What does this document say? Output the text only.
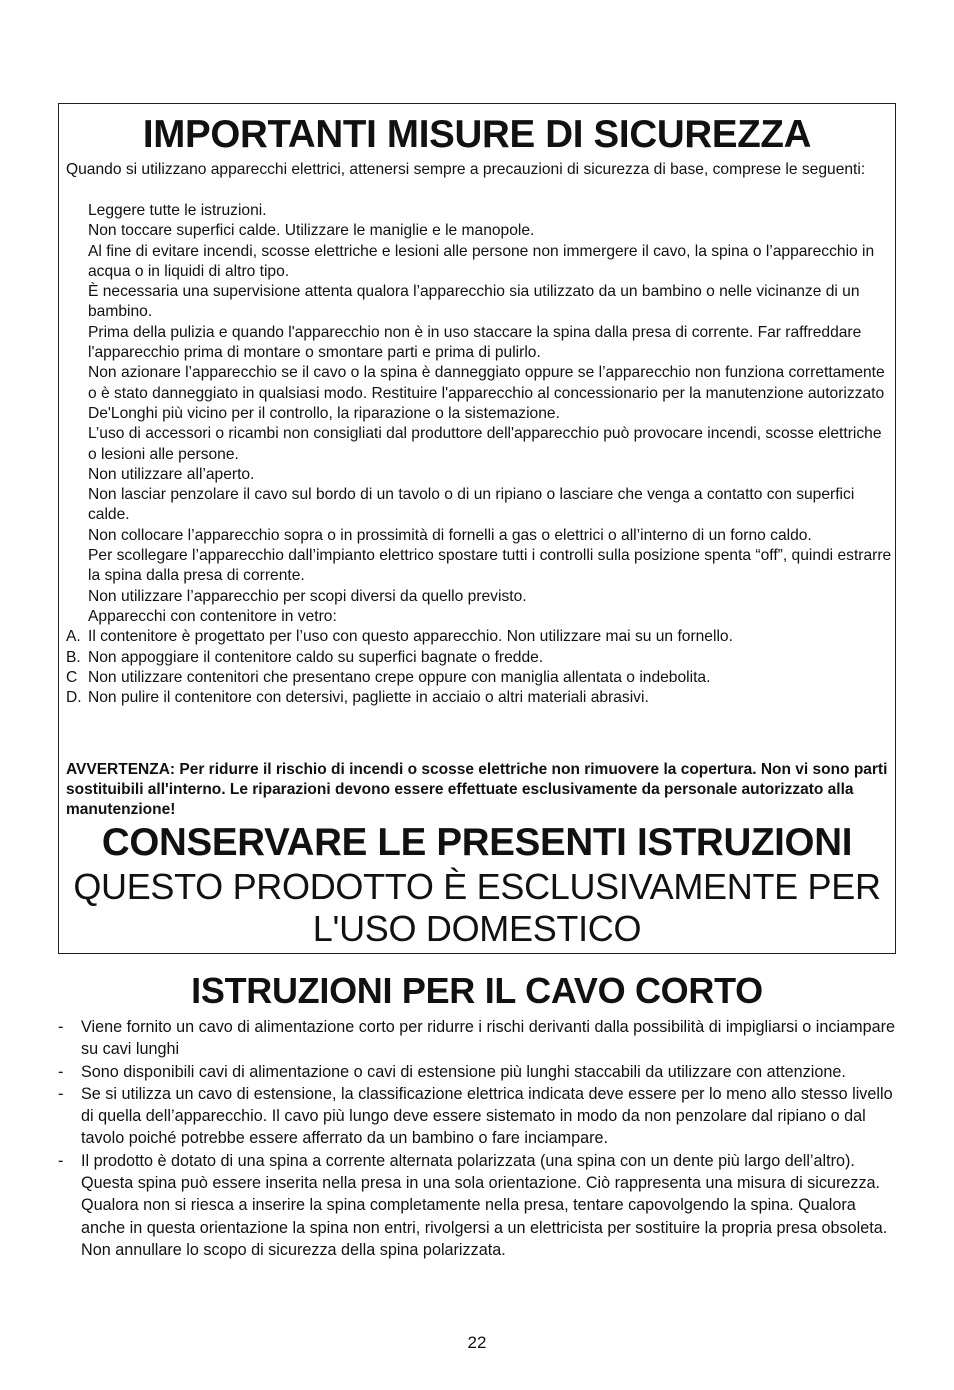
IMPORTANTI MISURE DI SICUREZZA
Quando si utilizzano apparecchi elettrici, attenersi sempre a precauzioni di sicurezza di base, comprese le seguenti:
Leggere tutte le istruzioni.
Non toccare superfici calde. Utilizzare le maniglie e le manopole.
Al fine di evitare incendi, scosse elettriche e lesioni alle persone non immergere il cavo, la spina o l’apparecchio in acqua o in liquidi di altro tipo.
È necessaria una supervisione attenta qualora l’apparecchio sia utilizzato da un bambino o nelle vicinanze di un bambino.
Prima della pulizia e quando l'apparecchio non è in uso staccare la spina dalla presa di corrente. Far raffreddare l'apparecchio prima di montare o smontare parti e prima di pulirlo.
Non azionare l’apparecchio se il cavo o la spina è danneggiato oppure se l’apparecchio non funziona correttamente o è stato danneggiato in qualsiasi modo. Restituire l'apparecchio al concessionario per la manutenzione autorizzato De'Longhi più vicino per il controllo, la riparazione o la sistemazione.
L’uso di accessori o ricambi non consigliati dal produttore dell'apparecchio può provocare incendi, scosse elettriche o lesioni alle persone.
Non utilizzare all’aperto.
Non lasciar penzolare il cavo sul bordo di un tavolo o di un ripiano o lasciare che venga a contatto con superfici calde.
Non collocare l’apparecchio sopra o in prossimità di fornelli a gas o elettrici o all’interno di un forno caldo.
Per scollegare l’apparecchio dall’impianto elettrico spostare tutti i controlli sulla posizione spenta “off”, quindi estrarre la spina dalla presa di corrente.
Non utilizzare l’apparecchio per scopi diversi da quello previsto.
Apparecchi con contenitore in vetro:
A. Il contenitore è progettato per l’uso con questo apparecchio. Non utilizzare mai su un fornello.
B. Non appoggiare il contenitore caldo su superfici bagnate o fredde.
C Non utilizzare contenitori che presentano crepe oppure con maniglia allentata o indebolita.
D. Non pulire il contenitore con detersivi, pagliette in acciaio o altri materiali abrasivi.
AVVERTENZA: Per ridurre il rischio di incendi o scosse elettriche non rimuovere la copertura. Non vi sono parti sostituibili all'interno. Le riparazioni devono essere effettuate esclusivamente da personale autorizzato alla manutenzione!
CONSERVARE LE PRESENTI ISTRUZIONI
QUESTO PRODOTTO È ESCLUSIVAMENTE PER
L'USO DOMESTICO
ISTRUZIONI PER IL CAVO CORTO
-	Viene fornito un cavo di alimentazione corto per ridurre i rischi derivanti dalla possibilità di impigliarsi o inciampare su cavi lunghi
-	Sono disponibili cavi di alimentazione o cavi di estensione più lunghi staccabili da utilizzare con attenzione.
-	Se si utilizza un cavo di estensione, la classificazione elettrica indicata deve essere per lo meno allo stesso livello di quella dell’apparecchio. Il cavo più lungo deve essere sistemato in modo da non penzolare dal ripiano o dal tavolo poiché potrebbe essere afferrato da un bambino o fare inciampare.
-	Il prodotto è dotato di una spina a corrente alternata polarizzata (una spina con un dente più largo dell’altro). Questa spina può essere inserita nella presa in una sola orientazione. Ciò rappresenta una misura di sicurezza. Qualora non si riesca a inserire la spina completamente nella presa, tentare capovolgendo la spina. Qualora anche in questa orientazione la spina non entri, rivolgersi a un elettricista per sostituire la propria presa obsoleta. Non annullare lo scopo di sicurezza della spina polarizzata.
22
